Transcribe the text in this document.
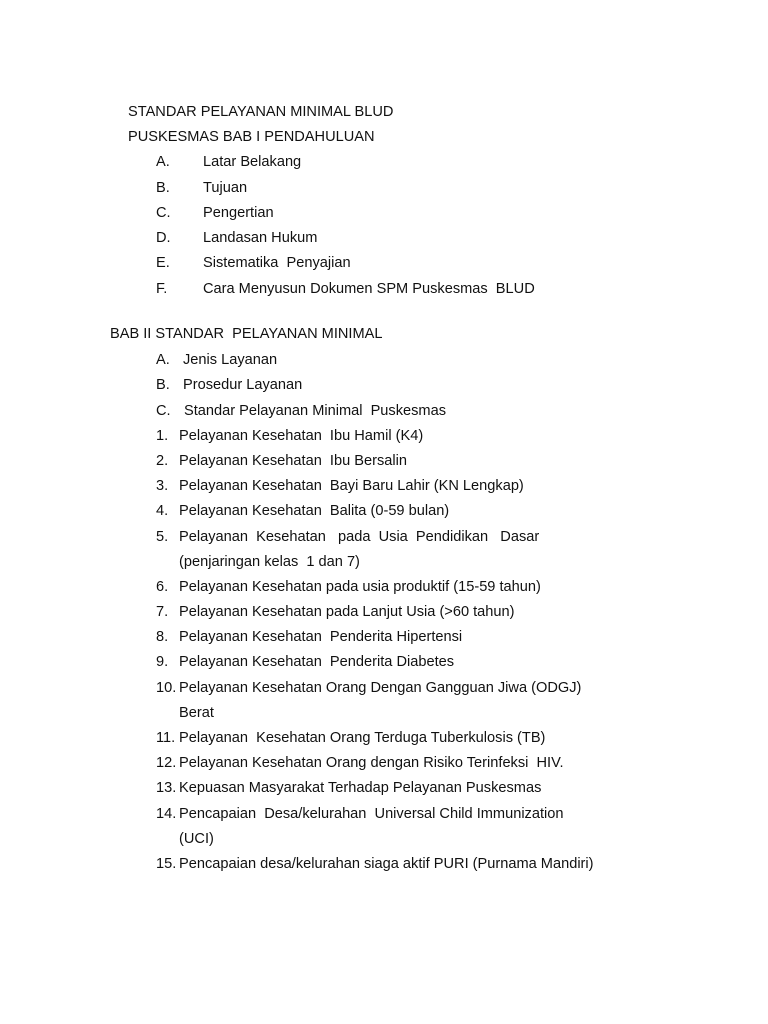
STANDAR PELAYANAN MINIMAL BLUD
PUSKESMAS BAB I PENDAHULUAN
A. Latar Belakang
B. Tujuan
C. Pengertian
D. Landasan Hukum
E. Sistematika  Penyajian
F. Cara Menyusun Dokumen SPM Puskesmas  BLUD
BAB II STANDAR  PELAYANAN MINIMAL
A. Jenis Layanan
B. Prosedur Layanan
C. Standar Pelayanan Minimal  Puskesmas
1. Pelayanan Kesehatan  Ibu Hamil (K4)
2. Pelayanan Kesehatan  Ibu Bersalin
3. Pelayanan Kesehatan  Bayi Baru Lahir (KN Lengkap)
4. Pelayanan Kesehatan  Balita (0-59 bulan)
5. Pelayanan  Kesehatan   pada  Usia  Pendidikan   Dasar
(penjaringan kelas  1 dan 7)
6. Pelayanan Kesehatan pada usia produktif (15-59 tahun)
7. Pelayanan Kesehatan pada Lanjut Usia (>60 tahun)
8. Pelayanan Kesehatan  Penderita Hipertensi
9. Pelayanan Kesehatan  Penderita Diabetes
10. Pelayanan Kesehatan Orang Dengan Gangguan Jiwa (ODGJ)
Berat
11. Pelayanan  Kesehatan Orang Terduga Tuberkulosis (TB)
12. Pelayanan Kesehatan Orang dengan Risiko Terinfeksi  HIV.
13. Kepuasan Masyarakat Terhadap Pelayanan Puskesmas
14. Pencapaian  Desa/kelurahan  Universal Child Immunization
(UCI)
15. Pencapaian desa/kelurahan siaga aktif PURI (Purnama Mandiri)
